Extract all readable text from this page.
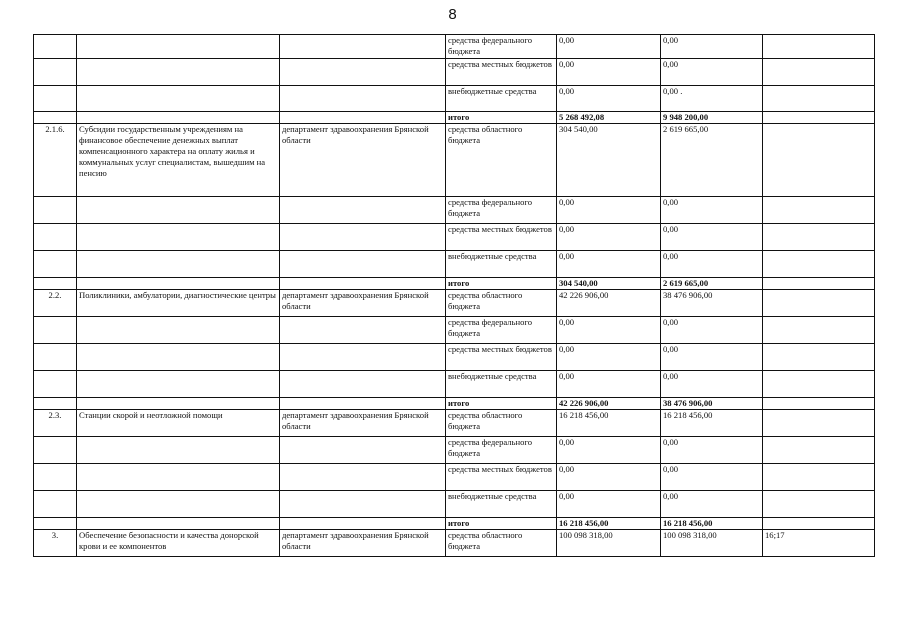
8
			средства федерального бюджета	0,00	0,00	
			средства местных бюджетов	0,00	0,00	
			внебюджетные средства	0,00	0,00 .	
			итого	5 268 492,08	9 948 200,00	
2.1.6.	Субсидии государственным учреждениям на финансовое обеспечение денежных выплат компенсационного характера на оплату жилья и коммунальных услуг специалистам, вышедшим на пенсию	департамент здравоохранения Брянской области	средства областного бюджета	304 540,00	2 619 665,00	
			средства федерального бюджета	0,00	0,00	
			средства местных бюджетов	0,00	0,00	
			внебюджетные средства	0,00	0,00	
			итого	304 540,00	2 619 665,00	
2.2.	Поликлиники, амбулатории, диагностические центры	департамент здравоохранения Брянской области	средства областного бюджета	42 226 906,00	38 476 906,00	
			средства федерального бюджета	0,00	0,00	
			средства местных бюджетов	0,00	0,00	
			внебюджетные средства	0,00	0,00	
			итого	42 226 906,00	38 476 906,00	
2.3.	Станции скорой и неотложной помощи	департамент здравоохранения Брянской области	средства областного бюджета	16 218 456,00	16 218 456,00	
			средства федерального бюджета	0,00	0,00	
			средства местных бюджетов	0,00	0,00	
			внебюджетные средства	0,00	0,00	
			итого	16 218 456,00	16 218 456,00	
3.	Обеспечение безопасности и качества донорской крови и ее компонентов	департамент здравоохранения Брянской области	средства областного бюджета	100 098 318,00	100 098 318,00	16;17
